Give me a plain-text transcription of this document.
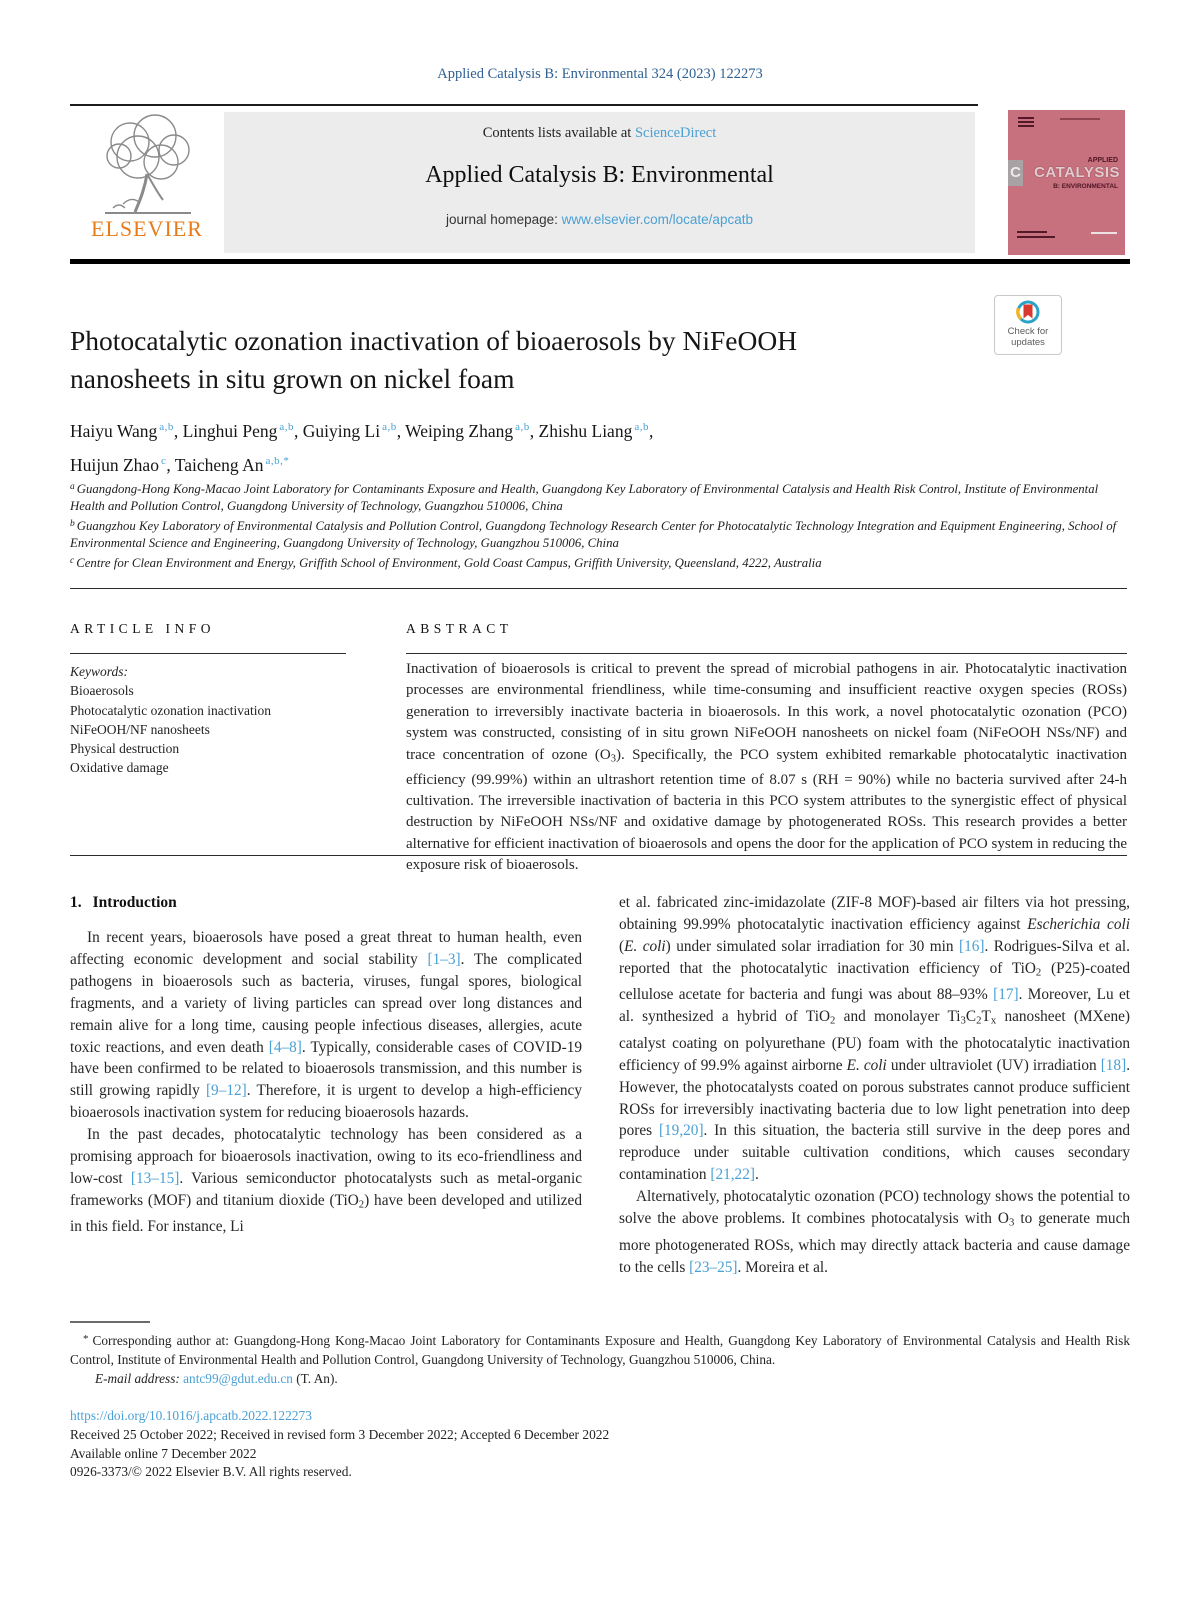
Applied Catalysis B: Environmental 324 (2023) 122273
ELSEVIER
Contents lists available at ScienceDirect
Applied Catalysis B: Environmental
journal homepage: www.elsevier.com/locate/apcatb
APPLIED
CATALYSIS
B: ENVIRONMENTAL
C
Check for
updates
Photocatalytic ozonation inactivation of bioaerosols by NiFeOOH
nanosheets in situ grown on nickel foam
Haiyu Wang $^{a,b}$, Linghui Peng $^{a,b}$, Guiying Li $^{a,b}$, Weiping Zhang $^{a,b}$, Zhishu Liang $^{a,b}$,
Huijun Zhao $^c$, Taicheng An $^{a,b,*}$
$^a$ Guangdong-Hong Kong-Macao Joint Laboratory for Contaminants Exposure and Health, Guangdong Key Laboratory of Environmental Catalysis and Health Risk Control, Institute of Environmental Health and Pollution Control, Guangdong University of Technology, Guangzhou 510006, China
$^b$ Guangzhou Key Laboratory of Environmental Catalysis and Pollution Control, Guangdong Technology Research Center for Photocatalytic Technology Integration and Equipment Engineering, School of Environmental Science and Engineering, Guangdong University of Technology, Guangzhou 510006, China
$^c$ Centre for Clean Environment and Energy, Griffith School of Environment, Gold Coast Campus, Griffith University, Queensland, 4222, Australia
ARTICLE INFO	ABSTRACT
Keywords:
Bioaerosols
Photocatalytic ozonation inactivation
NiFeOOH/NF nanosheets
Physical destruction
Oxidative damage
Inactivation of bioaerosols is critical to prevent the spread of microbial pathogens in air. Photocatalytic inactivation processes are environmental friendliness, while time-consuming and insufficient reactive oxygen species (ROSs) generation to irreversibly inactivate bacteria in bioaerosols. In this work, a novel photocatalytic ozonation (PCO) system was constructed, consisting of in situ grown NiFeOOH nanosheets on nickel foam (NiFeOOH NSs/NF) and trace concentration of ozone (O3). Specifically, the PCO system exhibited remarkable photocatalytic inactivation efficiency (99.99%) within an ultrashort retention time of 8.07 s (RH = 90%) while no bacteria survived after 24-h cultivation. The irreversible inactivation of bacteria in this PCO system attributes to the synergistic effect of physical destruction by NiFeOOH NSs/NF and oxidative damage by photogenerated ROSs. This research provides a better alternative for efficient inactivation of bioaerosols and opens the door for the application of PCO system in reducing the exposure risk of bioaerosols.
1. Introduction

In recent years, bioaerosols have posed a great threat to human health, even affecting economic development and social stability [1–3]. The complicated pathogens in bioaerosols such as bacteria, viruses, fungal spores, biological fragments, and a variety of living particles can spread over long distances and remain alive for a long time, causing people infectious diseases, allergies, acute toxic reactions, and even death [4–8]. Typically, considerable cases of COVID-19 have been confirmed to be related to bioaerosols transmission, and this number is still growing rapidly [9–12]. Therefore, it is urgent to develop a high-efficiency bioaerosols inactivation system for reducing bioaerosols hazards.

In the past decades, photocatalytic technology has been considered as a promising approach for bioaerosols inactivation, owing to its eco-friendliness and low-cost [13–15]. Various semiconductor photocatalysts such as metal-organic frameworks (MOF) and titanium dioxide (TiO2) have been developed and utilized in this field. For instance, Li

et al. fabricated zinc-imidazolate (ZIF-8 MOF)-based air filters via hot pressing, obtaining 99.99% photocatalytic inactivation efficiency against Escherichia coli (E. coli) under simulated solar irradiation for 30 min [16]. Rodrigues-Silva et al. reported that the photocatalytic inactivation efficiency of TiO2 (P25)-coated cellulose acetate for bacteria and fungi was about 88–93% [17]. Moreover, Lu et al. synthesized a hybrid of TiO2 and monolayer Ti3C2Tx nanosheet (MXene) catalyst coating on polyurethane (PU) foam with the photocatalytic inactivation efficiency of 99.9% against airborne E. coli under ultraviolet (UV) irradiation [18]. However, the photocatalysts coated on porous substrates cannot produce sufficient ROSs for irreversibly inactivating bacteria due to low light penetration into deep pores [19,20]. In this situation, the bacteria still survive in the deep pores and reproduce under suitable cultivation conditions, which causes secondary contamination [21,22].

Alternatively, photocatalytic ozonation (PCO) technology shows the potential to solve the above problems. It combines photocatalysis with O3 to generate much more photogenerated ROSs, which may directly attack bacteria and cause damage to the cells [23–25]. Moreira et al.

* Corresponding author at: Guangdong-Hong Kong-Macao Joint Laboratory for Contaminants Exposure and Health, Guangdong Key Laboratory of Environmental Catalysis and Health Risk Control, Institute of Environmental Health and Pollution Control, Guangdong University of Technology, Guangzhou 510006, China.

E-mail address: antc99@gdut.edu.cn (T. An).
https://doi.org/10.1016/j.apcatb.2022.122273
Received 25 October 2022; Received in revised form 3 December 2022; Accepted 6 December 2022
Available online 7 December 2022
0926-3373/© 2022 Elsevier B.V. All rights reserved.
